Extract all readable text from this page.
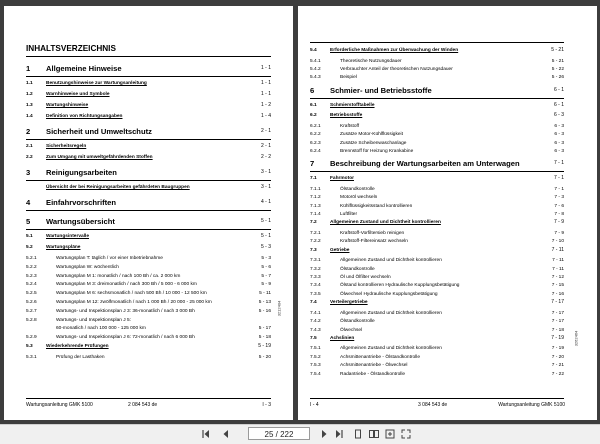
INHALTSVERZEICHNIS
1 Allgemeine Hinweise	1 - 1
1.1	Benutzungshinweise zur Wartungsanleitung	1 - 1
1.2	Warnhinweise und Symbole	1 - 1
1.3	Wartungshinweise	1 - 2
1.4	Definition von Richtungsangaben	1 - 4
2 Sicherheit und Umweltschutz	2 - 1
2.1	Sicherheitsregeln	2 - 1
2.2	Zum Umgang mit umweltgefährdenden Stoffen	2 - 2
3 Reinigungsarbeiten	3 - 1
Übersicht der bei Reinigungsarbeiten gefährdeten Baugruppen	3 - 1
4 Einfahrvorschriften	4 - 1
5 Wartungsübersicht	5 - 1
5.1	Wartungsintervalle	5 - 1
5.2	Wartungspläne	5 - 3
5.2.1	Wartungsplan T: täglich / vor einer Inbetriebnahme	5 - 3
5.2.2	Wartungsplan W: wöchentlich	5 - 6
5.2.3	Wartungsplan M 1: monatlich / nach 100 Bh / ca. 2 000 km	5 - 7
5.2.4	Wartungsplan M 3: dreimonatlich / nach 300 Bh / 5 000 - 6 000 km	5 - 9
5.2.5	Wartungsplan M 6: sechsmonatlich / nach 500 Bh / 10 000 - 12 500 km	5 - 11
5.2.6	Wartungsplan M 12: zwölfmonatlich / nach 1 000 Bh / 20 000 - 25 000 km	5 - 13
5.2.7	Wartungs- und Inspektionsplan J 3: 36-monatlich / nach 3 000 Bh	5 - 16
5.2.8	Wartungs- und Inspektionsplan J 5:
60-monatlich / nach 100 000 - 125 000 km	5 - 17
5.2.9	Wartungs- und Inspektionsplan J 6: 72-monatlich / nach 6 000 Bh	5 - 18
5.3	Wiederkehrende Prüfungen	5 - 19
5.3.1	Prüfung der Lasthaken	5 - 20
Wartungsanleitung GMK 5100	2 084 543 de	I - 3
3212404
5.4	Erforderliche Maßnahmen zur Überwachung der Winden	5 - 21
5.4.1	Theoretische Nutzungsdauer	5 - 21
5.4.2	Verbrauchter Anteil der theoretischen Nutzungsdauer	5 - 22
5.4.3	Beispiel	5 - 26
6 Schmier- und Betriebsstoffe	6 - 1
6.1	Schmierstofftabelle	6 - 1
6.2	Betriebsstoffe	6 - 3
6.2.1	Kraftstoff	6 - 3
6.2.2	Zusätze Motor-Kühlflüssigkeit	6 - 3
6.2.3	Zusätze Scheibenwaschanlage	6 - 3
6.2.4	Brennstoff für Heizung Krankabine	6 - 3
7 Beschreibung der Wartungsarbeiten am Unterwagen	7 - 1
7.1	Fahrmotor	7 - 1
7.1.1	Ölstandkontrolle	7 - 1
7.1.2	Motoröl wechseln	7 - 3
7.1.3	Kühlflüssigkeitsstand kontrollieren	7 - 6
7.1.4	Luftfilter	7 - 8
7.2	Allgemeinen Zustand und Dichtheit kontrollieren	7 - 9
7.2.1	Kraftstoff-Vorfiltersieb reinigen	7 - 9
7.2.2	Kraftstoff-Filtereinsatz wechseln	7 - 10
7.3	Getriebe	7 - 11
7.3.1	Allgemeinen Zustand und Dichtheit kontrollieren	7 - 11
7.3.2	Ölstandkontrolle	7 - 11
7.3.3	Öl und Ölfilter wechseln	7 - 12
7.3.4	Ölstand kontrollieren Hydraulische Kupplungsbetätigung	7 - 15
7.3.5	Ölwechsel Hydraulische Kupplungsbetätigung	7 - 16
7.4	Verteilergetriebe	7 - 17
7.4.1	Allgemeinen Zustand und Dichtheit kontrollieren	7 - 17
7.4.2	Ölstandkontrolle	7 - 17
7.4.3	Ölwechsel	7 - 18
7.5	Achslinien	7 - 19
7.5.1	Allgemeinen Zustand und Dichtheit kontrollieren	7 - 19
7.5.2	Achsmittenantriebe - Ölstandkontrolle	7 - 20
7.5.3	Achsmittenantriebe - Ölwechsel	7 - 21
7.5.4	Radantriebe - Ölstandkontrolle	7 - 22
I - 4	3 084 543 de	Wartungsanleitung GMK 5100
3262464
25 / 222
